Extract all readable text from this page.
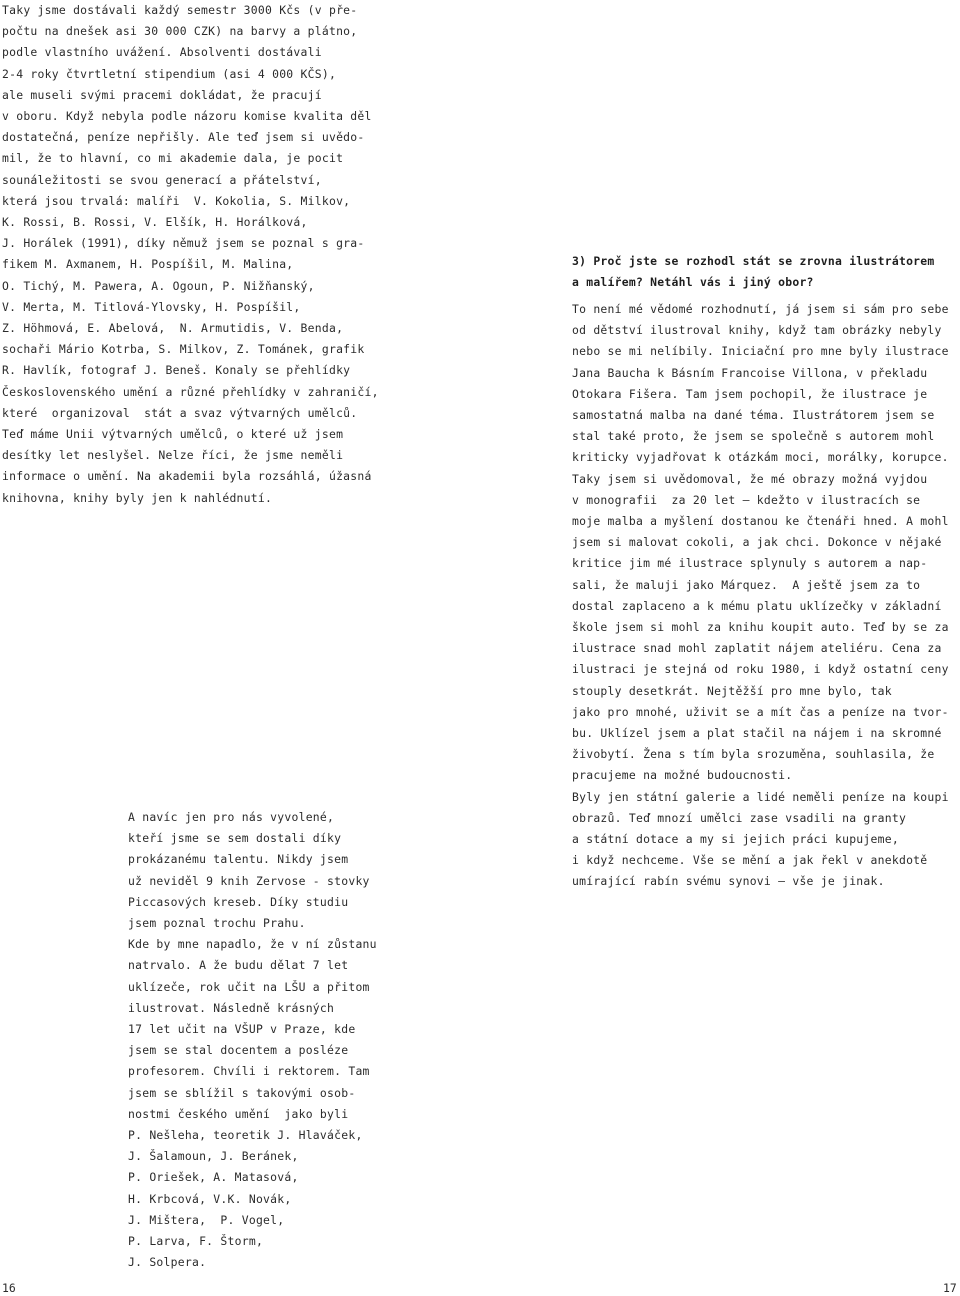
Taky jsme dostávali každý semestr 3000 Kčs (v pře-
počtu na dnešek asi 30 000 CZK) na barvy a plátno,
podle vlastního uvážení. Absolventi dostávali
2-4 roky čtvrtletní stipendium (asi 4 000 KČS),
ale museli svými pracemi dokládat, že pracují
v oboru. Když nebyla podle názoru komise kvalita děl
dostatečná, peníze nepřišly. Ale teď jsem si uvědo-
mil, že to hlavní, co mi akademie dala, je pocit
sounáležitosti se svou generací a přátelství,
která jsou trvalá: malíři  V. Kokolia, S. Milkov,
K. Rossi, B. Rossi, V. Elšík, H. Horálková,
J. Horálek (1991), díky němuž jsem se poznal s gra-
fikem M. Axmanem, H. Pospíšil, M. Malina,
O. Tichý, M. Pawera, A. Ogoun, P. Nižňanský,
V. Merta, M. Titlová-Ylovsky, H. Pospíšil,
Z. Höhmová, E. Abelová,  N. Armutidis, V. Benda,
sochaři Mário Kotrba, S. Milkov, Z. Tománek, grafik
R. Havlík, fotograf J. Beneš. Konaly se přehlídky
Československého umění a různé přehlídky v zahraničí,
které  organizoval  stát a svaz výtvarných umělců.
Teď máme Unii výtvarných umělců, o které už jsem
desítky let neslyšel. Nelze říci, že jsme neměli
informace o umění. Na akademii byla rozsáhlá, úžasná
knihovna, knihy byly jen k nahlédnutí.
A navíc jen pro nás vyvolené,
kteří jsme se sem dostali díky
prokázanému talentu. Nikdy jsem
už neviděl 9 knih Zervose - stovky
Piccasových kreseb. Díky studiu
jsem poznal trochu Prahu.
Kde by mne napadlo, že v ní zůstanu
natrvalo. A že budu dělat 7 let
uklízeče, rok učit na LŠU a přitom
ilustrovat. Následně krásných
17 let učit na VŠUP v Praze, kde
jsem se stal docentem a posléze
profesorem. Chvíli i rektorem. Tam
jsem se sblížil s takovými osob-
nostmi českého umění  jako byli
P. Nešleha, teoretik J. Hlaváček,
J. Šalamoun, J. Beránek,
P. Oriešek, A. Matasová,
H. Krbcová, V.K. Novák,
J. Mištera,  P. Vogel,
P. Larva, F. Štorm,
J. Solpera.
3) Proč jste se rozhodl stát se zrovna ilustrátorem
a malířem? Netáhl vás i jiný obor?
To není mé vědomé rozhodnutí, já jsem si sám pro sebe
od dětství ilustroval knihy, když tam obrázky nebyly
nebo se mi nelíbily. Iniciační pro mne byly ilustrace
Jana Baucha k Básním Francoise Villona, v překladu
Otokara Fišera. Tam jsem pochopil, že ilustrace je
samostatná malba na dané téma. Ilustrátorem jsem se
stal také proto, že jsem se společně s autorem mohl
kriticky vyjadřovat k otázkám moci, morálky, korupce.
Taky jsem si uvědomoval, že mé obrazy možná vyjdou
v monografii  za 20 let – kdežto v ilustracích se
moje malba a myšlení dostanou ke čtenáři hned. A mohl
jsem si malovat cokoli, a jak chci. Dokonce v nějaké
kritice jim mé ilustrace splynuly s autorem a nap-
sali, že maluji jako Márquez.  A ještě jsem za to
dostal zaplaceno a k mému platu uklízečky v základní
škole jsem si mohl za knihu koupit auto. Teď by se za
ilustrace snad mohl zaplatit nájem ateliéru. Cena za
ilustraci je stejná od roku 1980, i když ostatní ceny
stouply desetkrát. Nejtěžší pro mne bylo, tak
jako pro mnohé, uživit se a mít čas a peníze na tvor-
bu. Uklízel jsem a plat stačil na nájem i na skromné
živobytí. Žena s tím byla srozuměna, souhlasila, že
pracujeme na možné budoucnosti.
Byly jen státní galerie a lidé neměli peníze na koupi
obrazů. Teď mnozí umělci zase vsadili na granty
a státní dotace a my si jejich práci kupujeme,
i když nechceme. Vše se mění a jak řekl v anekdotě
umírající rabín svému synovi – vše je jinak.
16	17
